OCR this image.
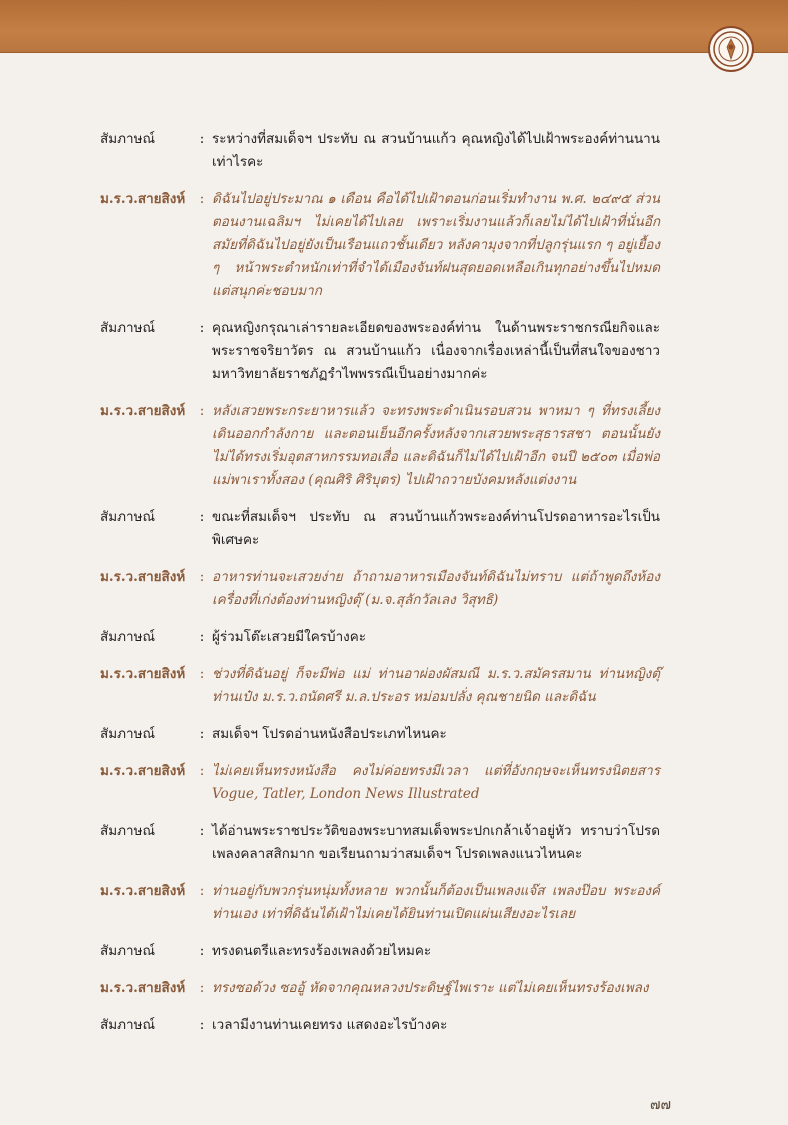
สัมภาษณ์	: ระหว่างที่สมเด็จฯ ประทับ ณ สวนบ้านแก้ว คุณหญิงได้ไปเฝ้าพระองค์ท่านนานเท่าไรคะ
ม.ร.ว.สายสิงห์	: ดิฉันไปอยู่ประมาณ ๑ เดือน คือได้ไปเฝ้าตอนก่อนเริ่มทำงาน พ.ศ. ๒๔๙๕ ส่วนตอนงานเฉลิมฯ ไม่เคยได้ไปเลย เพราะเริ่มงานแล้วก็เลยไม่ได้ไปเฝ้าที่นั่นอีก สมัยที่ดิฉันไปอยู่ยังเป็นเรือนแถวชั้นเดียว หลังคามุงจากที่ปลูกรุ่นแรก ๆ อยู่เยื้อง ๆ หน้าพระตำหนักเท่าที่จำได้เมืองจันท์ฝนสุดยอดเหลือเกินทุกอย่างขึ้นไปหมดแต่สนุกค่ะชอบมาก
สัมภาษณ์	: คุณหญิงกรุณาเล่ารายละเอียดของพระองค์ท่าน ในด้านพระราชกรณียกิจและพระราชจริยาวัตร ณ สวนบ้านแก้ว เนื่องจากเรื่องเหล่านี้เป็นที่สนใจของชาวมหาวิทยาลัยราชภัฏรำไพพรรณีเป็นอย่างมากค่ะ
ม.ร.ว.สายสิงห์	: หลังเสวยพระกระยาหารแล้ว จะทรงพระดำเนินรอบสวน พาหมา ๆ ที่ทรงเลี้ยงเดินออกกำลังกาย และตอนเย็นอีกครั้งหลังจากเสวยพระสุธารสชา ตอนนั้นยังไม่ได้ทรงเริ่มอุตสาหกรรมทอเสื่อ และดิฉันก็ไม่ได้ไปเฝ้าอีก จนปี ๒๕๐๓ เมื่อพ่อแม่พาเราทั้งสอง (คุณศิริ ศิริบุตร) ไปเฝ้าถวายบังคมหลังแต่งงาน
สัมภาษณ์	: ขณะที่สมเด็จฯ ประทับ ณ สวนบ้านแก้วพระองค์ท่านโปรดอาหารอะไรเป็นพิเศษคะ
ม.ร.ว.สายสิงห์	: อาหารท่านจะเสวยง่าย ถ้าถามอาหารเมืองจันท์ดิฉันไม่ทราบ แต่ถ้าพูดถึงห้องเครื่องที่เก่งต้องท่านหญิงตุ๊ (ม.จ.สุลักวัลเลง วิสุทธิ)
สัมภาษณ์	: ผู้ร่วมโต๊ะเสวยมีใครบ้างคะ
ม.ร.ว.สายสิงห์	: ช่วงที่ดิฉันอยู่ ก็จะมีพ่อ แม่ ท่านอาผ่องผัสมณี ม.ร.ว.สมัครสมาน ท่านหญิงตุ๊ ท่านเป๋ง ม.ร.ว.ถนัดศรี ม.ล.ประอร หม่อมปลั่ง คุณชายนิด และดิฉัน
สัมภาษณ์	: สมเด็จฯ โปรดอ่านหนังสือประเภทไหนคะ
ม.ร.ว.สายสิงห์	: ไม่เคยเห็นทรงหนังสือ คงไม่ค่อยทรงมีเวลา แต่ที่อังกฤษจะเห็นทรงนิตยสาร Vogue, Tatler, London News Illustrated
สัมภาษณ์	: ได้อ่านพระราชประวัติของพระบาทสมเด็จพระปกเกล้าเจ้าอยู่หัว ทราบว่าโปรดเพลงคลาสสิกมาก ขอเรียนถามว่าสมเด็จฯ โปรดเพลงแนวไหนคะ
ม.ร.ว.สายสิงห์	: ท่านอยู่กับพวกรุ่นหนุ่มทั้งหลาย พวกนั้นก็ต้องเป็นเพลงแจ๊ส เพลงป๊อบ พระองค์ท่านเอง เท่าที่ดิฉันได้เฝ้าไม่เคยได้ยินท่านเปิดแผ่นเสียงอะไรเลย
สัมภาษณ์	: ทรงดนตรีและทรงร้องเพลงด้วยไหมคะ
ม.ร.ว.สายสิงห์	: ทรงซอด้วง ซออู้ หัดจากคุณหลวงประดิษฐ์ไพเราะ แต่ไม่เคยเห็นทรงร้องเพลง
สัมภาษณ์	: เวลามีงานท่านเคยทรง แสดงอะไรบ้างคะ
๗๗
